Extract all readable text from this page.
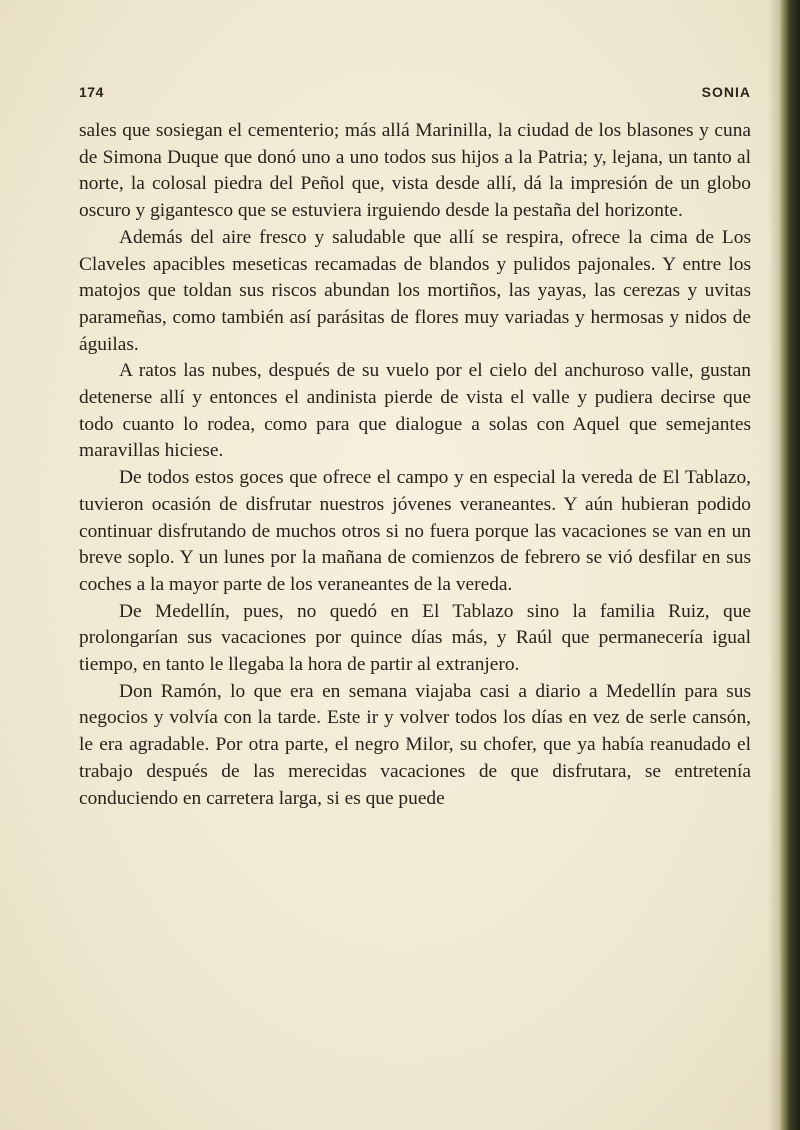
174	SONIA

sales que sosiegan el cementerio; más allá Marinilla, la ciudad de los blasones y cuna de Simona Duque que donó uno a uno todos sus hijos a la Patria; y, lejana, un tanto al norte, la colosal piedra del Peñol que, vista desde allí, dá la impresión de un globo oscuro y gigantesco que se estuviera irguiendo desde la pestaña del horizonte.

Además del aire fresco y saludable que allí se respira, ofrece la cima de Los Claveles apacibles meseticas recamadas de blandos y pulidos pajonales. Y entre los matojos que toldan sus riscos abundan los mortiños, las yayas, las cerezas y uvitas parameñas, como también así parásitas de flores muy variadas y hermosas y nidos de águilas.

A ratos las nubes, después de su vuelo por el cielo del anchuroso valle, gustan detenerse allí y entonces el andinista pierde de vista el valle y pudiera decirse que todo cuanto lo rodea, como para que dialogue a solas con Aquel que semejantes maravillas hiciese.

De todos estos goces que ofrece el campo y en especial la vereda de El Tablazo, tuvieron ocasión de disfrutar nuestros jóvenes veraneantes. Y aún hubieran podido continuar disfrutando de muchos otros si no fuera porque las vacaciones se van en un breve soplo. Y un lunes por la mañana de comienzos de febrero se vió desfilar en sus coches a la mayor parte de los veraneantes de la vereda.

De Medellín, pues, no quedó en El Tablazo sino la familia Ruiz, que prolongarían sus vacaciones por quince días más, y Raúl que permanecería igual tiempo, en tanto le llegaba la hora de partir al extranjero.

Don Ramón, lo que era en semana viajaba casi a diario a Medellín para sus negocios y volvía con la tarde. Este ir y volver todos los días en vez de serle cansón, le era agradable. Por otra parte, el negro Milor, su chofer, que ya había reanudado el trabajo después de las merecidas vacaciones de que disfrutara, se entretenía conduciendo en carretera larga, si es que puede
